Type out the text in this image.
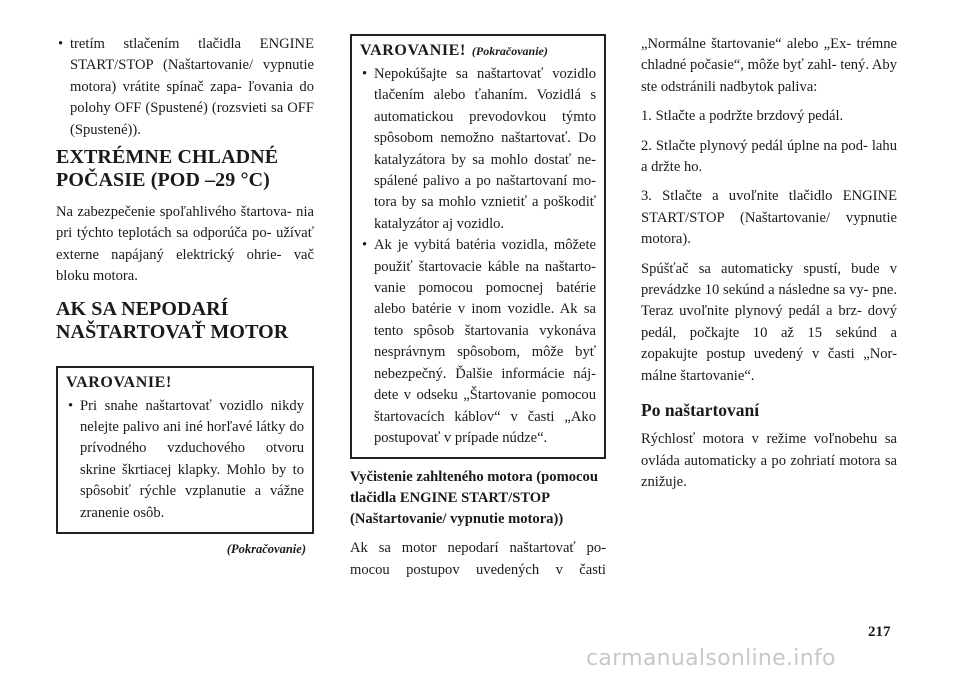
• tretím stlačením tlačidla ENGINE START/STOP (Naštartovanie/ vypnutie motora) vrátite spínač zapa- ľovania do polohy OFF (Spustené) (rozsvieti sa OFF (Spustené)).

EXTRÉMNE CHLADNÉ POČASIE (POD –29 °C)

Na zabezpečenie spoľahlivého štartova- nia pri týchto teplotách sa odporúča po- užívať externe napájaný elektrický ohrie- vač bloku motora.

AK SA NEPODARÍ NAŠTARTOVAŤ MOTOR
VAROVANIE!

• Pri snahe naštartovať vozidlo nikdy nelejte palivo ani iné horľavé látky do prívodného vzduchového otvoru skrine škrtiacej klapky. Mohlo by to spôsobiť rýchle vzplanutie a vážne zranenie osôb.

(Pokračovanie)
VAROVANIE! (Pokračovanie)

• Nepokúšajte sa naštartovať vozidlo tlačením alebo ťahaním. Vozidlá s automatickou prevodovkou týmto spôsobom nemožno naštartovať. Do katalyzátora by sa mohlo dostať ne- spálené palivo a po naštartovaní mo- tora by sa mohlo vznietiť a poškodiť katalyzátor aj vozidlo.

• Ak je vybitá batéria vozidla, môžete použiť štartovacie káble na naštarto- vanie pomocou pomocnej batérie alebo batérie v inom vozidle. Ak sa tento spôsob štartovania vykonáva nesprávnym spôsobom, môže byť nebezpečný. Ďalšie informácie náj- dete v odseku „Štartovanie pomocou štartovacích káblov“ v časti „Ako postupovať v prípade núdze“.

Vyčistenie zahlteného motora (pomocou tlačidla ENGINE START/STOP (Naštartovanie/ vypnutie motora))

Ak sa motor nepodarí naštartovať po- mocou postupov uvedených v časti

„Normálne štartovanie“ alebo „Ex- trémne chladné počasie“, môže byť zahl- tený. Aby ste odstránili nadbytok paliva:

1. Stlačte a podržte brzdový pedál.

2. Stlačte plynový pedál úplne na pod- lahu a držte ho.

3. Stlačte a uvoľnite tlačidlo ENGINE START/STOP (Naštartovanie/ vypnutie motora).

Spúšťač sa automaticky spustí, bude v prevádzke 10 sekúnd a následne sa vy- pne. Teraz uvoľnite plynový pedál a brz- dový pedál, počkajte 10 až 15 sekúnd a zopakujte postup uvedený v časti „Nor- málne štartovanie“.

Po naštartovaní

Rýchlosť motora v režime voľnobehu sa ovláda automaticky a po zohriatí motora sa znižuje.

217
carmanualsonline.info
